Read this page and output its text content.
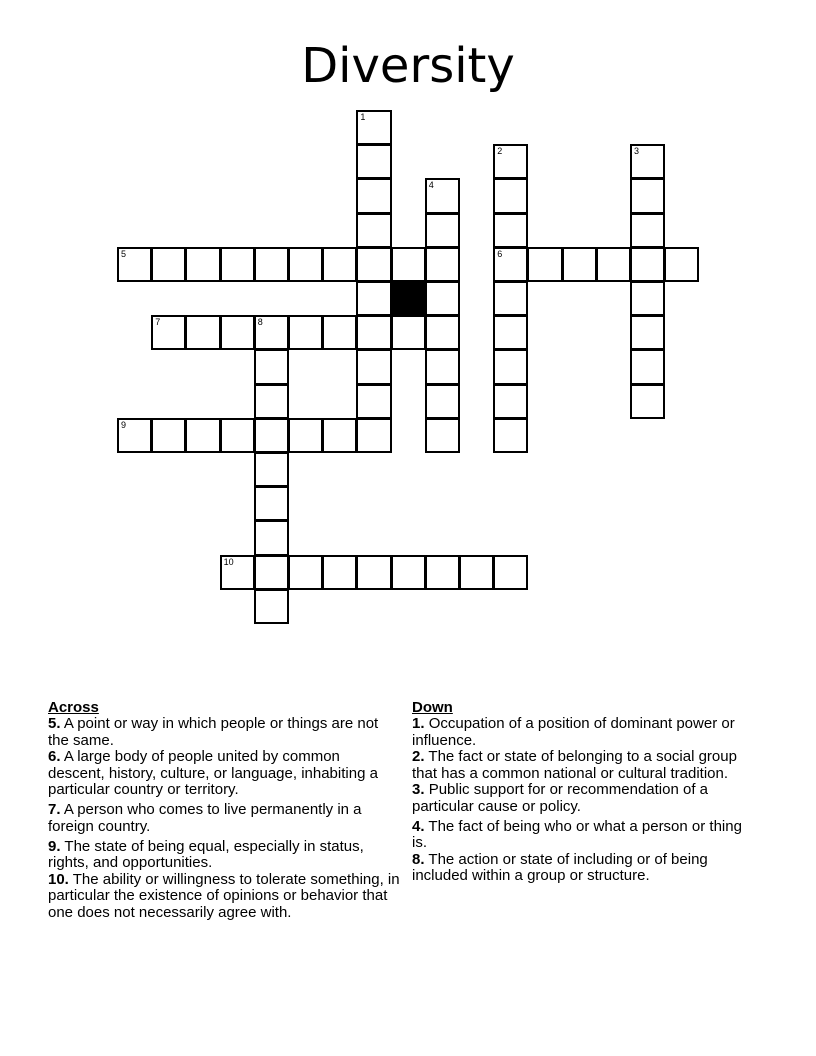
Diversity
1
2	3
4
5	6
7	8
9
10
Across
5. A point or way in which people or things are not the same.
6. A large body of people united by common descent, history, culture, or language, inhabiting a particular country or territory.
7. A person who comes to live permanently in a foreign country.
9. The state of being equal, especially in status, rights, and opportunities.
10. The ability or willingness to tolerate something, in particular the existence of opinions or behavior that one does not necessarily agree with.
Down
1. Occupation of a position of dominant power or influence.
2. The fact or state of belonging to a social group that has a common national or cultural tradition.
3. Public support for or recommendation of a particular cause or policy.
4. The fact of being who or what a person or thing is.
8. The action or state of including or of being included within a group or structure.
